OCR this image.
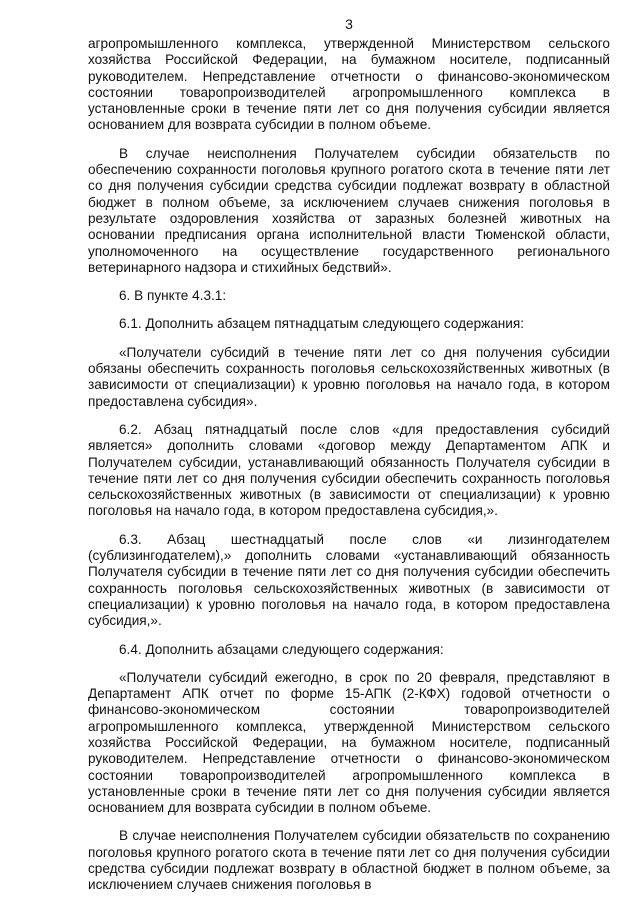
3

агропромышленного комплекса, утвержденной Министерством сельского хозяйства Российской Федерации, на бумажном носителе, подписанный руководителем. Непредставление отчетности о финансово-экономическом состоянии товаропроизводителей агропромышленного комплекса в установленные сроки в течение пяти лет со дня получения субсидии является основанием для возврата субсидии в полном объеме.

В случае неисполнения Получателем субсидии обязательств по обеспечению сохранности поголовья крупного рогатого скота в течение пяти лет со дня получения субсидии средства субсидии подлежат возврату в областной бюджет в полном объеме, за исключением случаев снижения поголовья в результате оздоровления хозяйства от заразных болезней животных на основании предписания органа исполнительной власти Тюменской области, уполномоченного на осуществление государственного регионального ветеринарного надзора и стихийных бедствий».

6. В пункте 4.3.1:

6.1. Дополнить абзацем пятнадцатым следующего содержания:

«Получатели субсидий в течение пяти лет со дня получения субсидии обязаны обеспечить сохранность поголовья сельскохозяйственных животных (в зависимости от специализации) к уровню поголовья на начало года, в котором предоставлена субсидия».

6.2. Абзац пятнадцатый после слов «для предоставления субсидий является» дополнить словами «договор между Департаментом АПК и Получателем субсидии, устанавливающий обязанность Получателя субсидии в течение пяти лет со дня получения субсидии обеспечить сохранность поголовья сельскохозяйственных животных (в зависимости от специализации) к уровню поголовья на начало года, в котором предоставлена субсидия,».

6.3. Абзац шестнадцатый после слов «и лизингодателем (сублизингодателем),» дополнить словами «устанавливающий обязанность Получателя субсидии в течение пяти лет со дня получения субсидии обеспечить сохранность поголовья сельскохозяйственных животных (в зависимости от специализации) к уровню поголовья на начало года, в котором предоставлена субсидия,».

6.4. Дополнить абзацами следующего содержания:

«Получатели субсидий ежегодно, в срок по 20 февраля, представляют в Департамент АПК отчет по форме 15-АПК (2-КФХ) годовой отчетности о финансово-экономическом состоянии товаропроизводителей агропромышленного комплекса, утвержденной Министерством сельского хозяйства Российской Федерации, на бумажном носителе, подписанный руководителем. Непредставление отчетности о финансово-экономическом состоянии товаропроизводителей агропромышленного комплекса в установленные сроки в течение пяти лет со дня получения субсидии является основанием для возврата субсидии в полном объеме.

В случае неисполнения Получателем субсидии обязательств по сохранению поголовья крупного рогатого скота в течение пяти лет со дня получения субсидии средства субсидии подлежат возврату в областной бюджет в полном объеме, за исключением случаев снижения поголовья в
